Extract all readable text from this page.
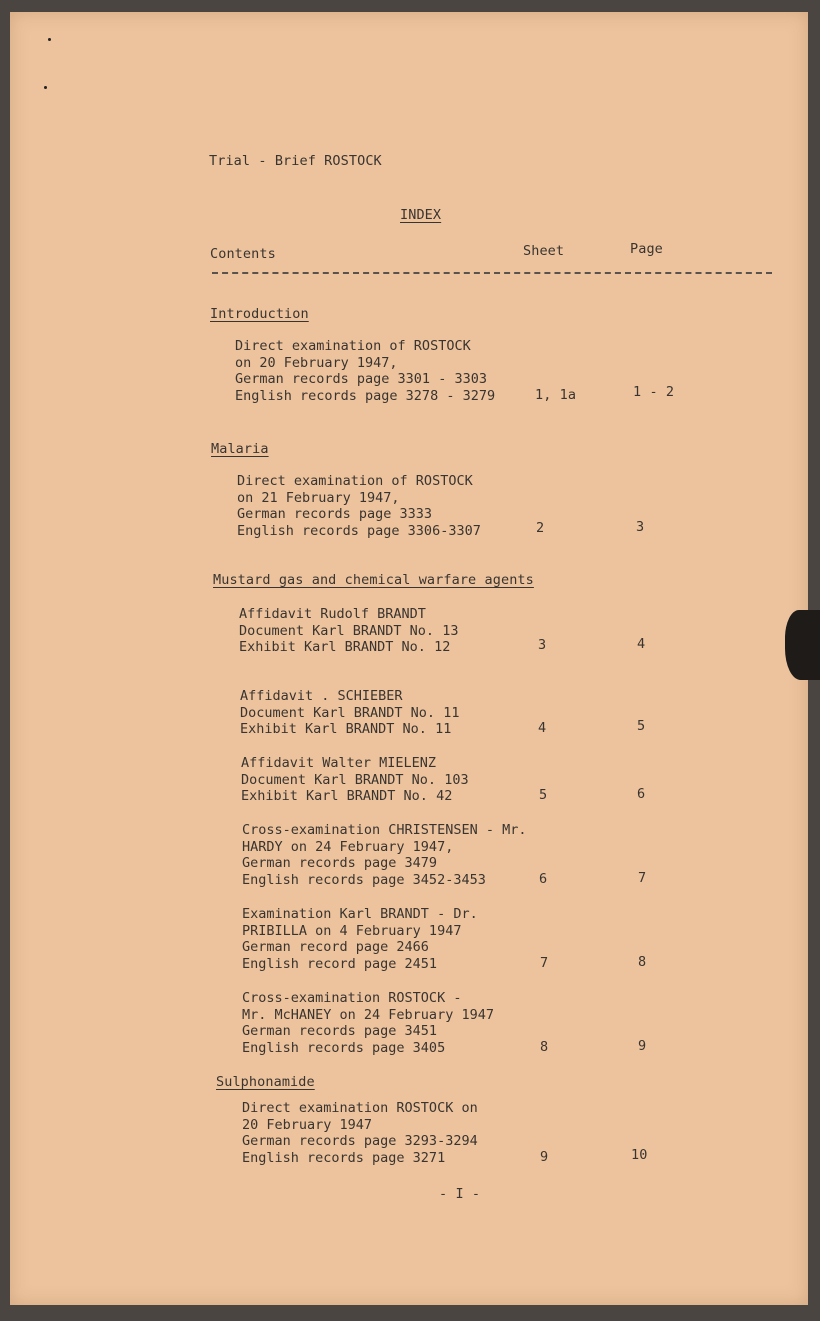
Trial - Brief ROSTOCK
INDEX
Contents	Sheet	Page
Introduction
Direct examination of ROSTOCK
on 20 February 1947,
German records page 3301 - 3303
English records page 3278 - 3279	1, 1a	1 - 2
Malaria
Direct examination of ROSTOCK
on 21 February 1947,
German records page 3333
English records page 3306-3307	2	3
Mustard gas and chemical warfare agents
Affidavit Rudolf BRANDT
Document Karl BRANDT No. 13
Exhibit Karl BRANDT No. 12	3	4
Affidavit . SCHIEBER
Document Karl BRANDT No. 11
Exhibit Karl BRANDT No. 11	4	5
Affidavit Walter MIELENZ
Document Karl BRANDT No. 103
Exhibit Karl BRANDT No. 42	5	6
Cross-examination CHRISTENSEN - Mr.
HARDY on 24 February 1947,
German records page 3479
English records page 3452-3453	6	7
Examination Karl BRANDT - Dr.
PRIBILLA on 4 February 1947
German record page 2466
English record page 2451	7	8
Cross-examination ROSTOCK -
Mr. McHANEY on 24 February 1947
German records page 3451
English records page 3405	8	9
Sulphonamide
Direct examination ROSTOCK on
20 February 1947
German records page 3293-3294
English records page 3271	9	10
- I -
